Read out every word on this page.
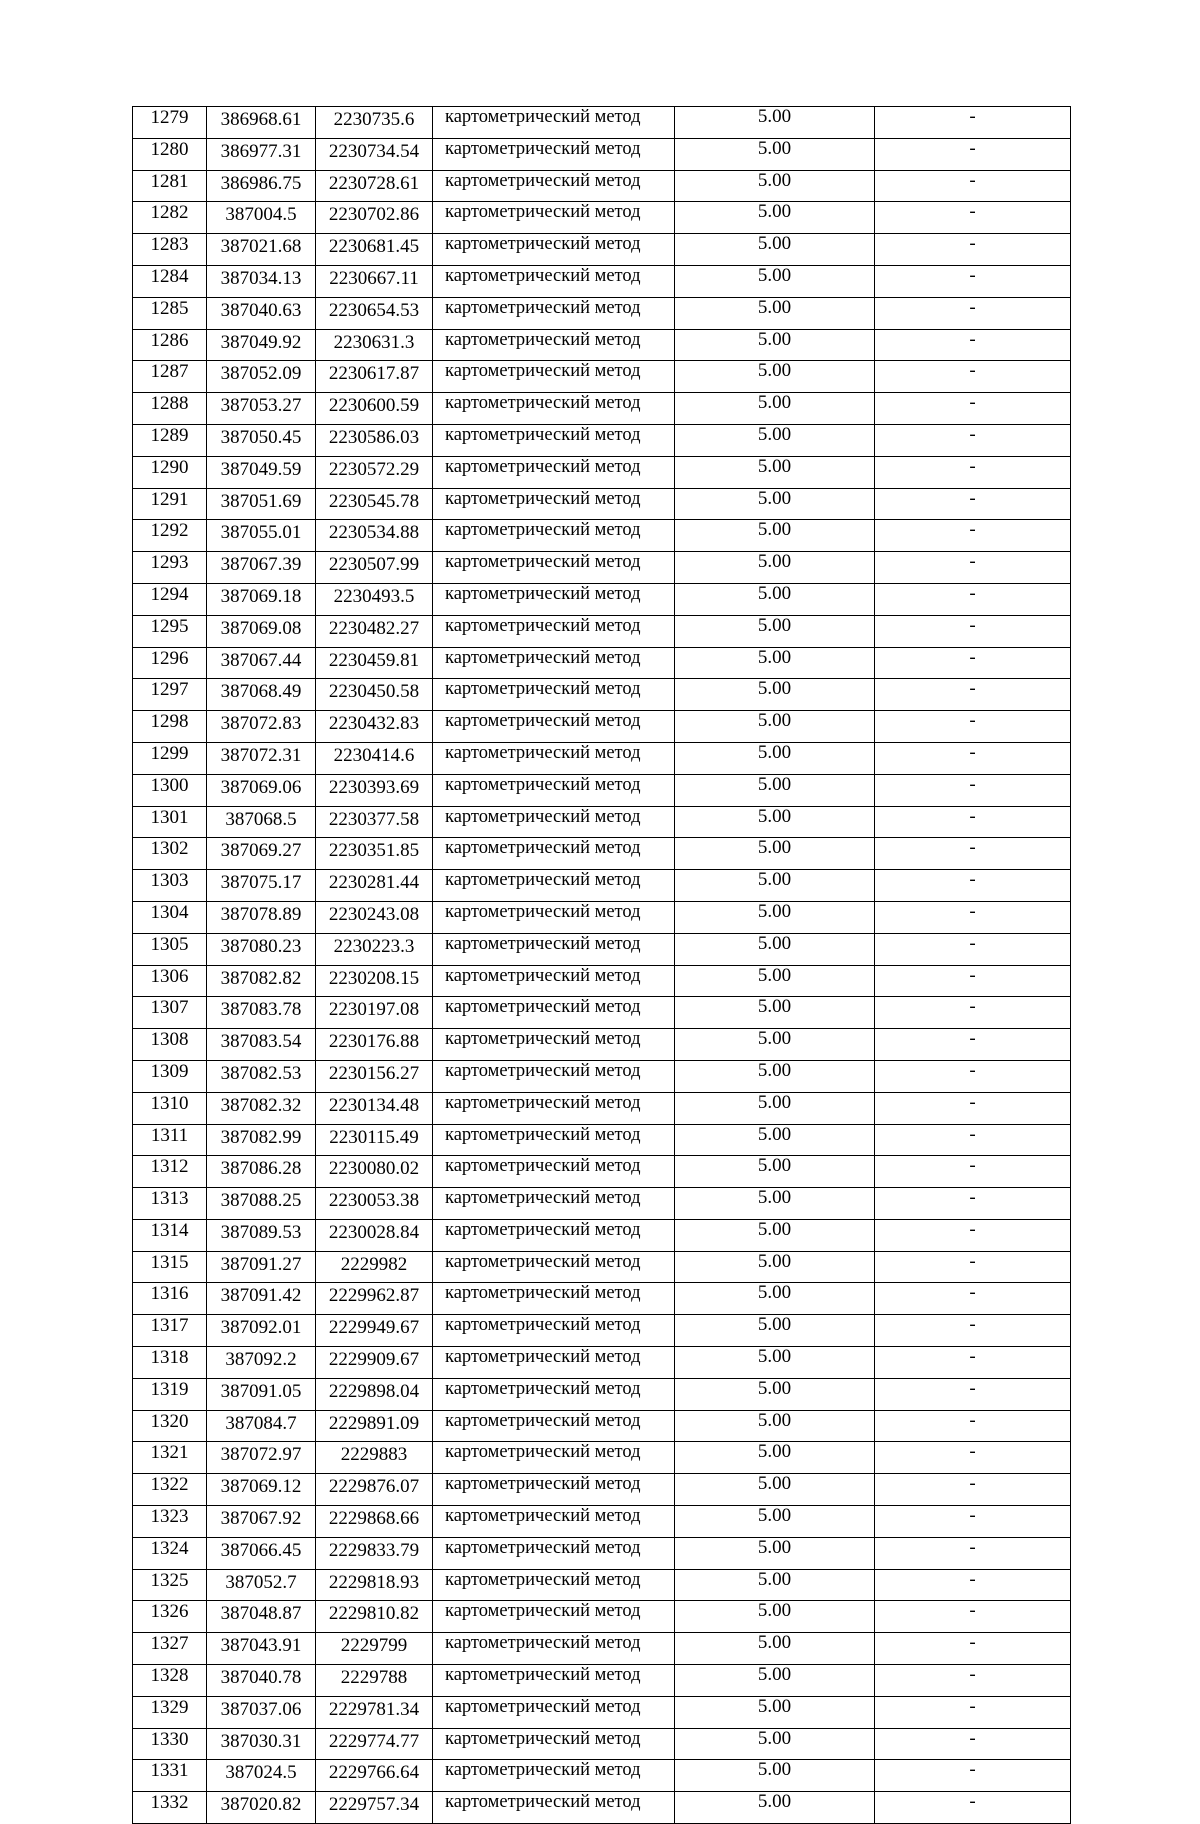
1279	386968.61	2230735.6	картометрический метод	5.00	-
1280	386977.31	2230734.54	картометрический метод	5.00	-
1281	386986.75	2230728.61	картометрический метод	5.00	-
1282	387004.5	2230702.86	картометрический метод	5.00	-
1283	387021.68	2230681.45	картометрический метод	5.00	-
1284	387034.13	2230667.11	картометрический метод	5.00	-
1285	387040.63	2230654.53	картометрический метод	5.00	-
1286	387049.92	2230631.3	картометрический метод	5.00	-
1287	387052.09	2230617.87	картометрический метод	5.00	-
1288	387053.27	2230600.59	картометрический метод	5.00	-
1289	387050.45	2230586.03	картометрический метод	5.00	-
1290	387049.59	2230572.29	картометрический метод	5.00	-
1291	387051.69	2230545.78	картометрический метод	5.00	-
1292	387055.01	2230534.88	картометрический метод	5.00	-
1293	387067.39	2230507.99	картометрический метод	5.00	-
1294	387069.18	2230493.5	картометрический метод	5.00	-
1295	387069.08	2230482.27	картометрический метод	5.00	-
1296	387067.44	2230459.81	картометрический метод	5.00	-
1297	387068.49	2230450.58	картометрический метод	5.00	-
1298	387072.83	2230432.83	картометрический метод	5.00	-
1299	387072.31	2230414.6	картометрический метод	5.00	-
1300	387069.06	2230393.69	картометрический метод	5.00	-
1301	387068.5	2230377.58	картометрический метод	5.00	-
1302	387069.27	2230351.85	картометрический метод	5.00	-
1303	387075.17	2230281.44	картометрический метод	5.00	-
1304	387078.89	2230243.08	картометрический метод	5.00	-
1305	387080.23	2230223.3	картометрический метод	5.00	-
1306	387082.82	2230208.15	картометрический метод	5.00	-
1307	387083.78	2230197.08	картометрический метод	5.00	-
1308	387083.54	2230176.88	картометрический метод	5.00	-
1309	387082.53	2230156.27	картометрический метод	5.00	-
1310	387082.32	2230134.48	картометрический метод	5.00	-
1311	387082.99	2230115.49	картометрический метод	5.00	-
1312	387086.28	2230080.02	картометрический метод	5.00	-
1313	387088.25	2230053.38	картометрический метод	5.00	-
1314	387089.53	2230028.84	картометрический метод	5.00	-
1315	387091.27	2229982	картометрический метод	5.00	-
1316	387091.42	2229962.87	картометрический метод	5.00	-
1317	387092.01	2229949.67	картометрический метод	5.00	-
1318	387092.2	2229909.67	картометрический метод	5.00	-
1319	387091.05	2229898.04	картометрический метод	5.00	-
1320	387084.7	2229891.09	картометрический метод	5.00	-
1321	387072.97	2229883	картометрический метод	5.00	-
1322	387069.12	2229876.07	картометрический метод	5.00	-
1323	387067.92	2229868.66	картометрический метод	5.00	-
1324	387066.45	2229833.79	картометрический метод	5.00	-
1325	387052.7	2229818.93	картометрический метод	5.00	-
1326	387048.87	2229810.82	картометрический метод	5.00	-
1327	387043.91	2229799	картометрический метод	5.00	-
1328	387040.78	2229788	картометрический метод	5.00	-
1329	387037.06	2229781.34	картометрический метод	5.00	-
1330	387030.31	2229774.77	картометрический метод	5.00	-
1331	387024.5	2229766.64	картометрический метод	5.00	-
1332	387020.82	2229757.34	картометрический метод	5.00	-
